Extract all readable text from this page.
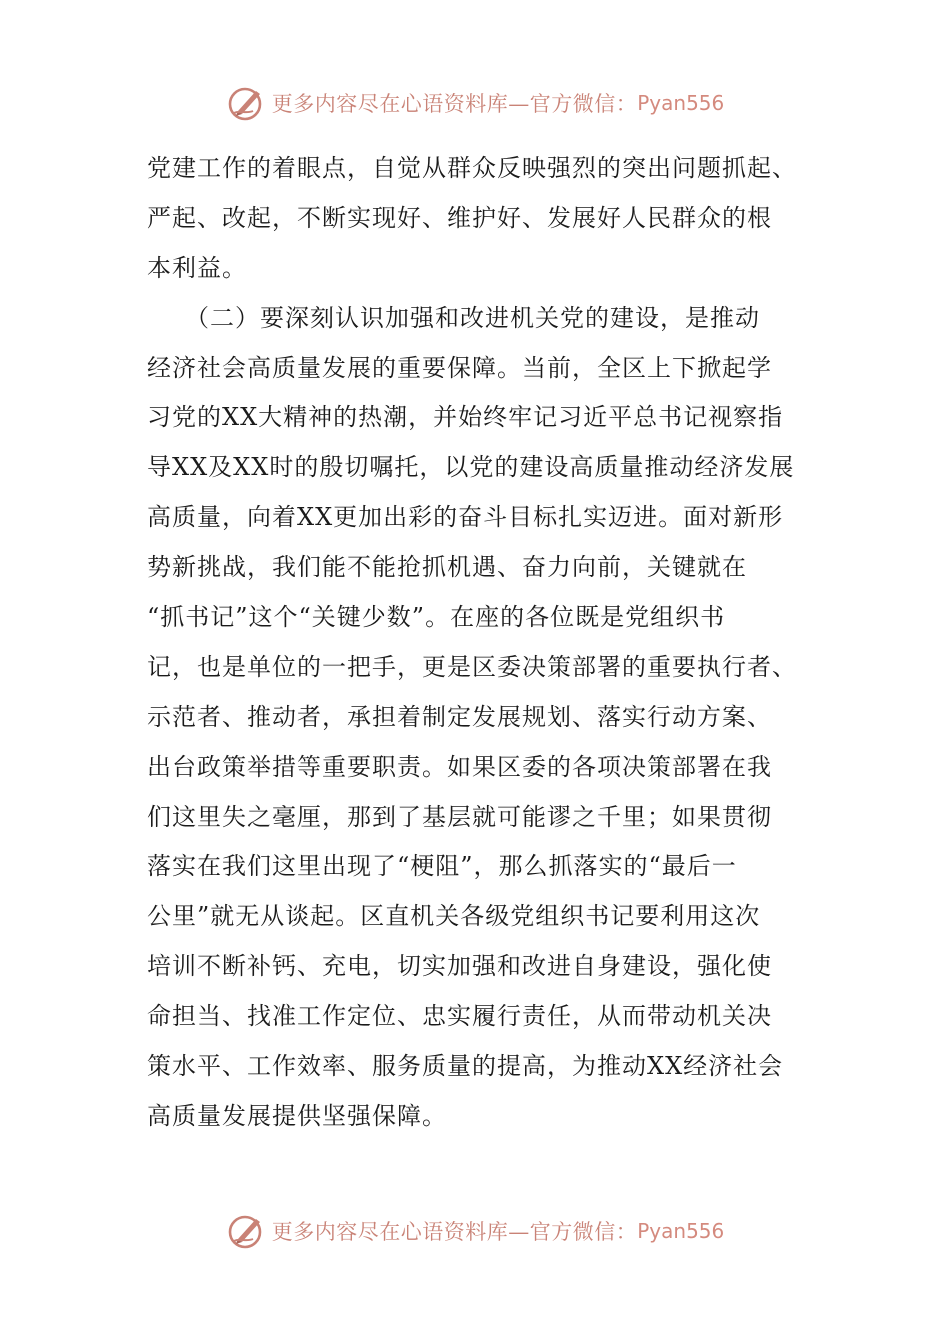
更多内容尽在心语资料库—官方微信： Pyan556
党建工作的着眼点，自觉从群众反映强烈的突出问题抓起、
严起、改起，不断实现好、维护好、发展好人民群众的根
本利益。
　　（二）要深刻认识加强和改进机关党的建设，是推动
经济社会高质量发展的重要保障。当前，全区上下掀起学
习党的XX大精神的热潮，并始终牢记习近平总书记视察指
导XX及XX时的殷切嘱托，以党的建设高质量推动经济发展
高质量，向着XX更加出彩的奋斗目标扎实迈进。面对新形
势新挑战，我们能不能抢抓机遇、奋力向前，关键就在
“抓书记”这个“关键少数”。在座的各位既是党组织书
记，也是单位的一把手，更是区委决策部署的重要执行者、
示范者、推动者，承担着制定发展规划、落实行动方案、
出台政策举措等重要职责。如果区委的各项决策部署在我
们这里失之毫厘，那到了基层就可能谬之千里；如果贯彻
落实在我们这里出现了“梗阻”，那么抓落实的“最后一
公里”就无从谈起。区直机关各级党组织书记要利用这次
培训不断补钙、充电，切实加强和改进自身建设，强化使
命担当、找准工作定位、忠实履行责任，从而带动机关决
策水平、工作效率、服务质量的提高，为推动XX经济社会
高质量发展提供坚强保障。
更多内容尽在心语资料库—官方微信： Pyan556
